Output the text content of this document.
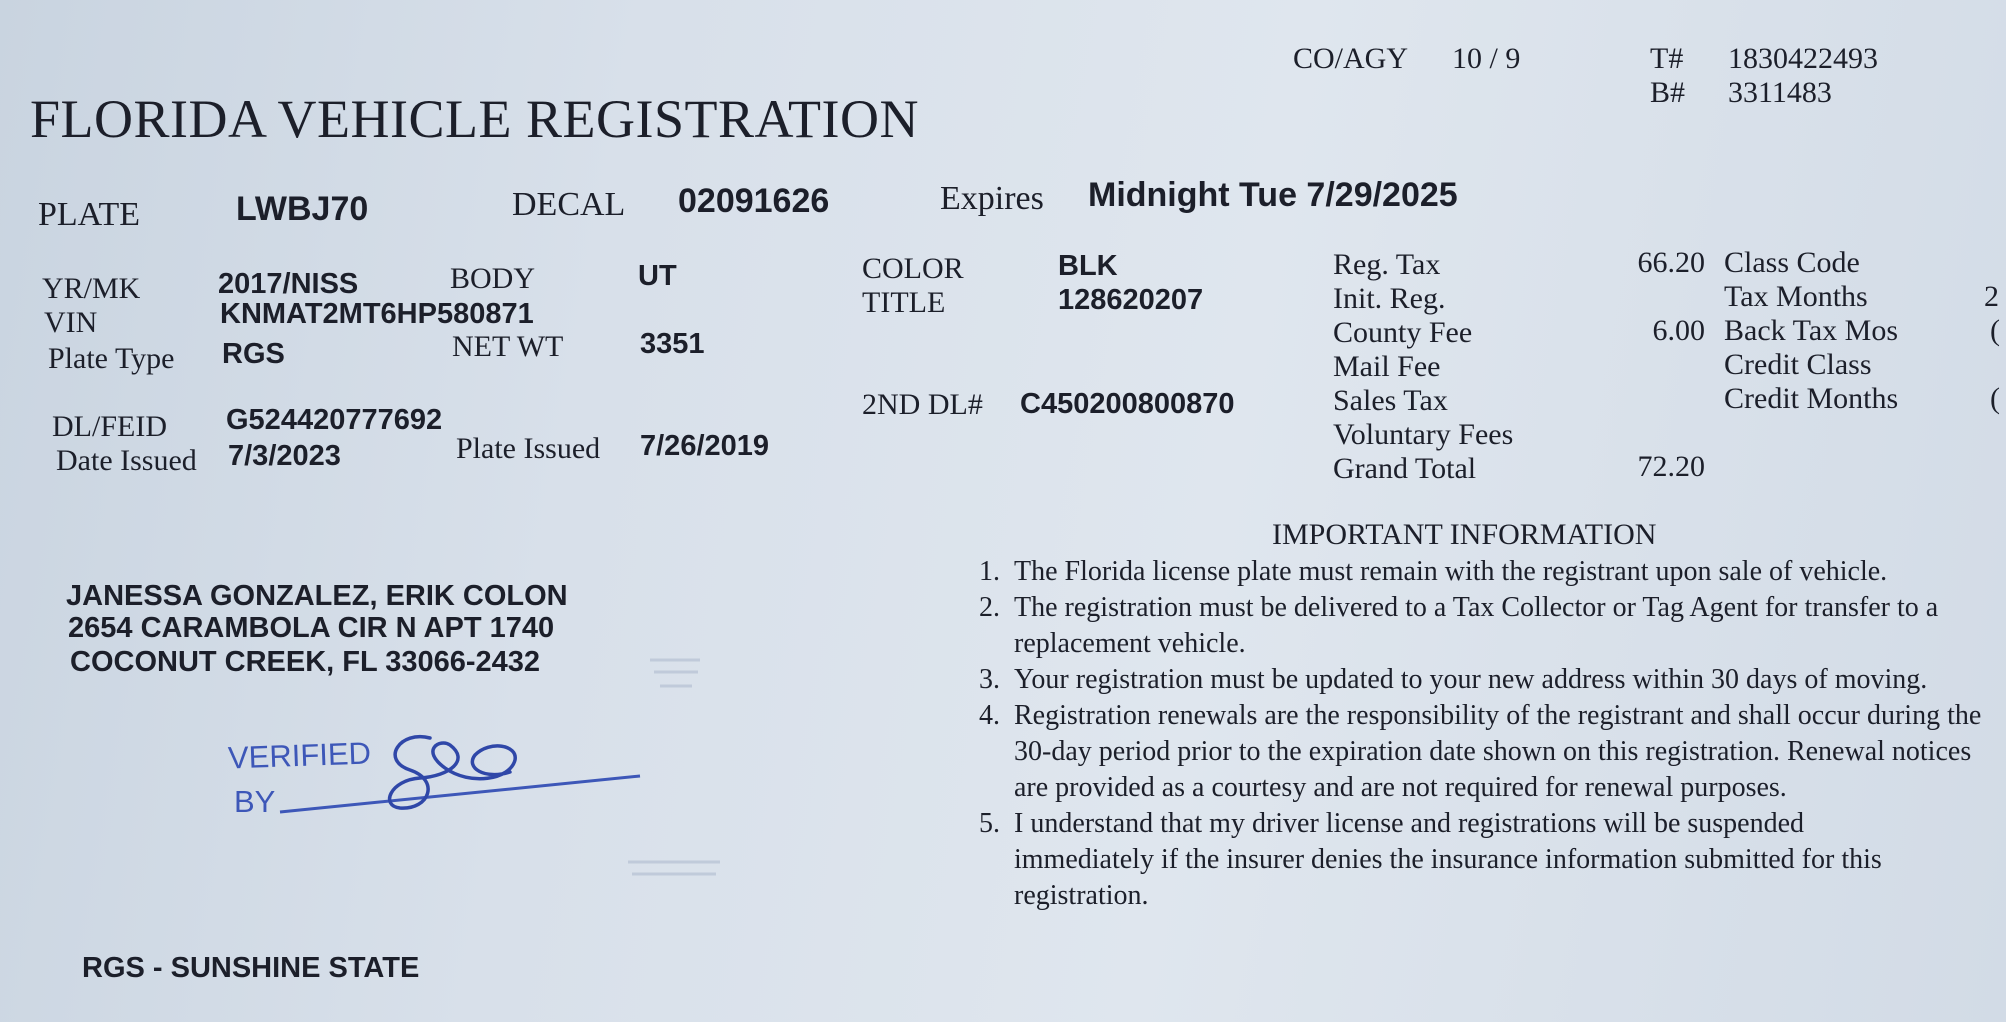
FLORIDA VEHICLE REGISTRATION
CO/AGY 10 / 9	T# 1830422493
B# 3311483
PLATE	LWBJ70	DECAL 02091626	Expires Midnight Tue 7/29/2025
YR/MK	2017/NISS	BODY	UT
VIN	KNMAT2MT6HP580871
Plate Type RGS	NET WT	3351
COLOR	BLK
TITLE	128620207
DL/FEID G524420777692
Date Issued 7/3/2023	Plate Issued 7/26/2019
2ND DL# C450200800870
Reg. Tax	66.20
Init. Reg.
County Fee	6.00
Mail Fee
Sales Tax
Voluntary Fees
Grand Total	72.20
Class Code
Tax Months	2
Back Tax Mos	(
Credit Class
Credit Months	(
JANESSA GONZALEZ, ERIK COLON
2654 CARAMBOLA CIR N APT 1740
COCONUT CREEK, FL 33066-2432
VERIFIED
BY
IMPORTANT INFORMATION
1. The Florida license plate must remain with the registrant upon sale of vehicle.
2. The registration must be delivered to a Tax Collector or Tag Agent for transfer to a replacement vehicle.
3. Your registration must be updated to your new address within 30 days of moving.
4. Registration renewals are the responsibility of the registrant and shall occur during the 30-day period prior to the expiration date shown on this registration. Renewal notices are provided as a courtesy and are not required for renewal purposes.
5. I understand that my driver license and registrations will be suspended immediately if the insurer denies the insurance information submitted for this registration.
RGS - SUNSHINE STATE
